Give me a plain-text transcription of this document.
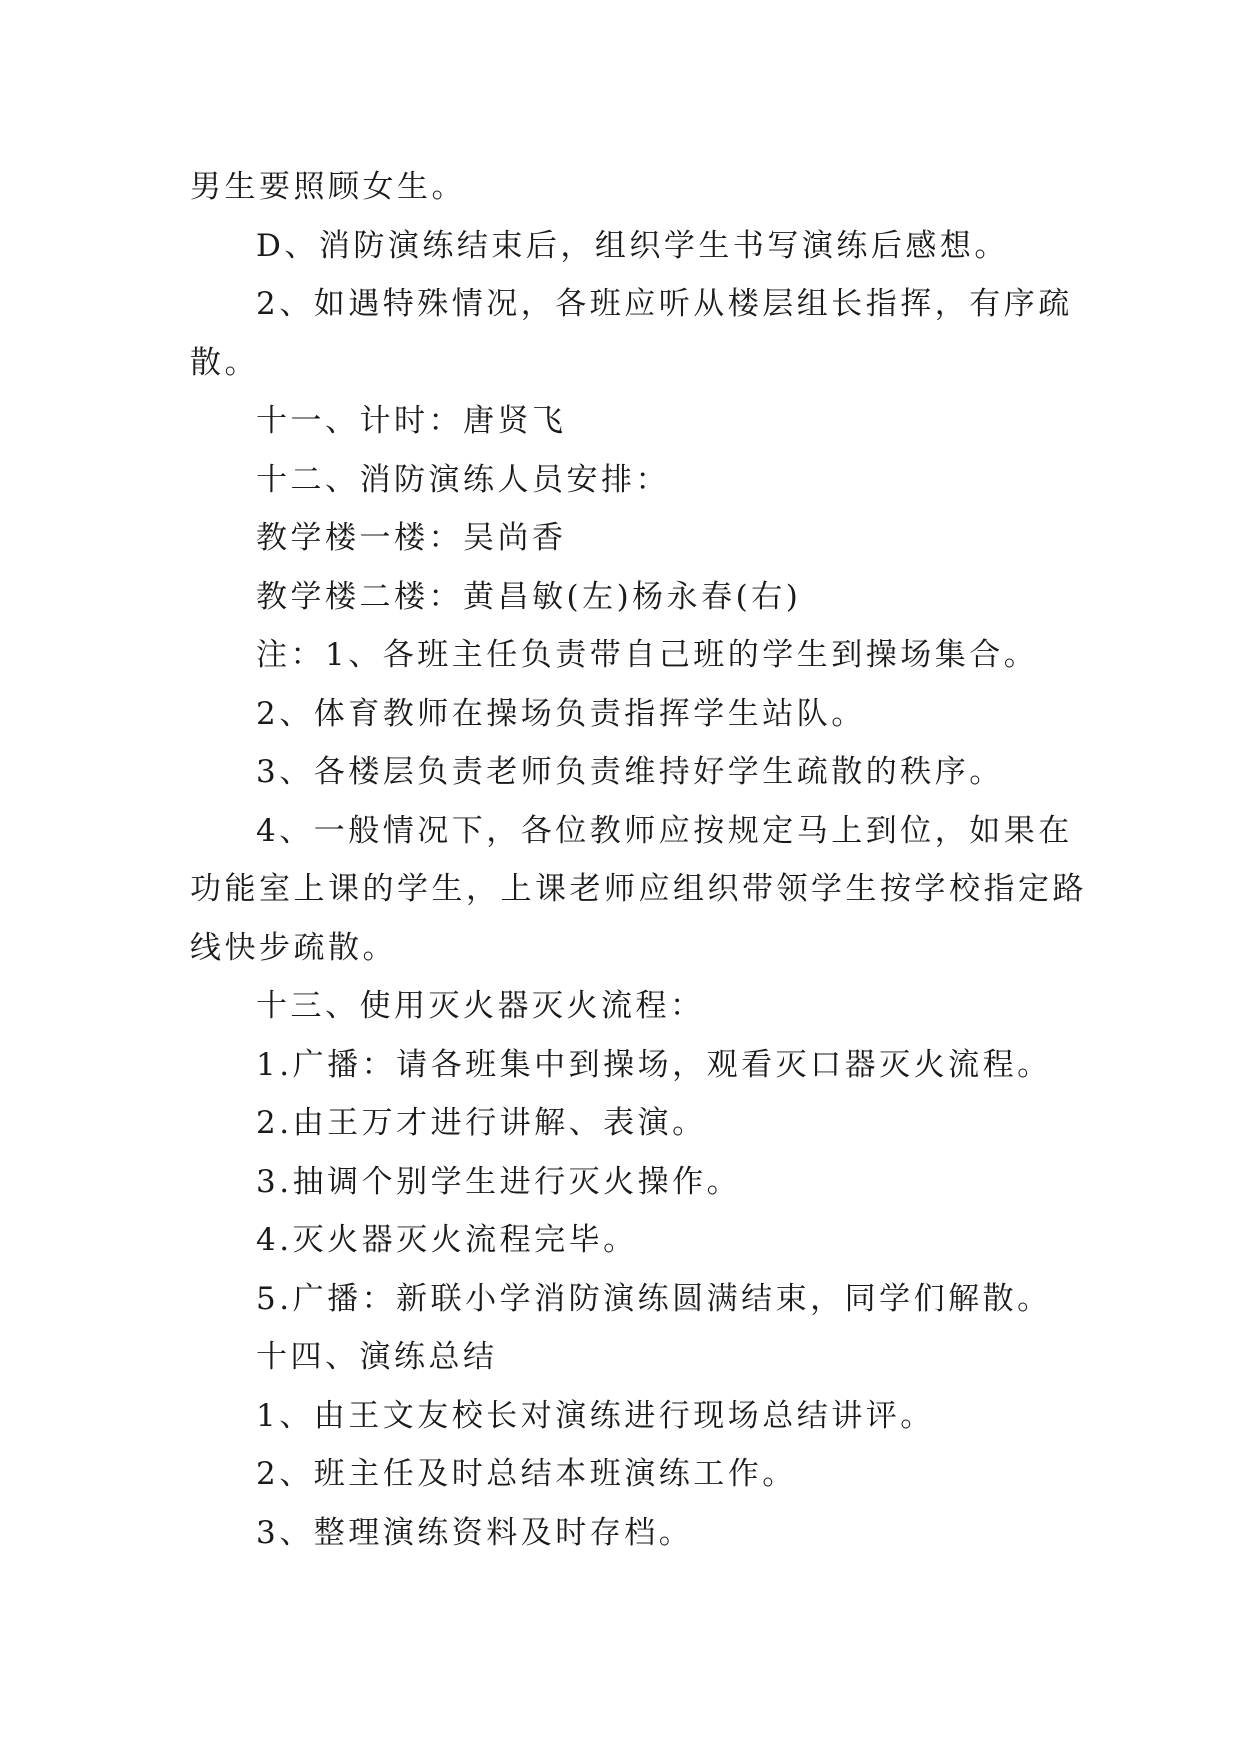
男生要照顾女生。

D、消防演练结束后，组织学生书写演练后感想。

2、如遇特殊情况，各班应听从楼层组长指挥，有序疏

散。

十一、计时：唐贤飞

十二、消防演练人员安排：

教学楼一楼：吴尚香

教学楼二楼：黄昌敏(左)杨永春(右)

注：1、各班主任负责带自己班的学生到操场集合。

2、体育教师在操场负责指挥学生站队。

3、各楼层负责老师负责维持好学生疏散的秩序。

4、一般情况下，各位教师应按规定马上到位，如果在

功能室上课的学生，上课老师应组织带领学生按学校指定路

线快步疏散。

十三、使用灭火器灭火流程：

1.广播：请各班集中到操场，观看灭口器灭火流程。

2.由王万才进行讲解、表演。

3.抽调个别学生进行灭火操作。

4.灭火器灭火流程完毕。

5.广播：新联小学消防演练圆满结束，同学们解散。

十四、演练总结

1、由王文友校长对演练进行现场总结讲评。

2、班主任及时总结本班演练工作。

3、整理演练资料及时存档。
